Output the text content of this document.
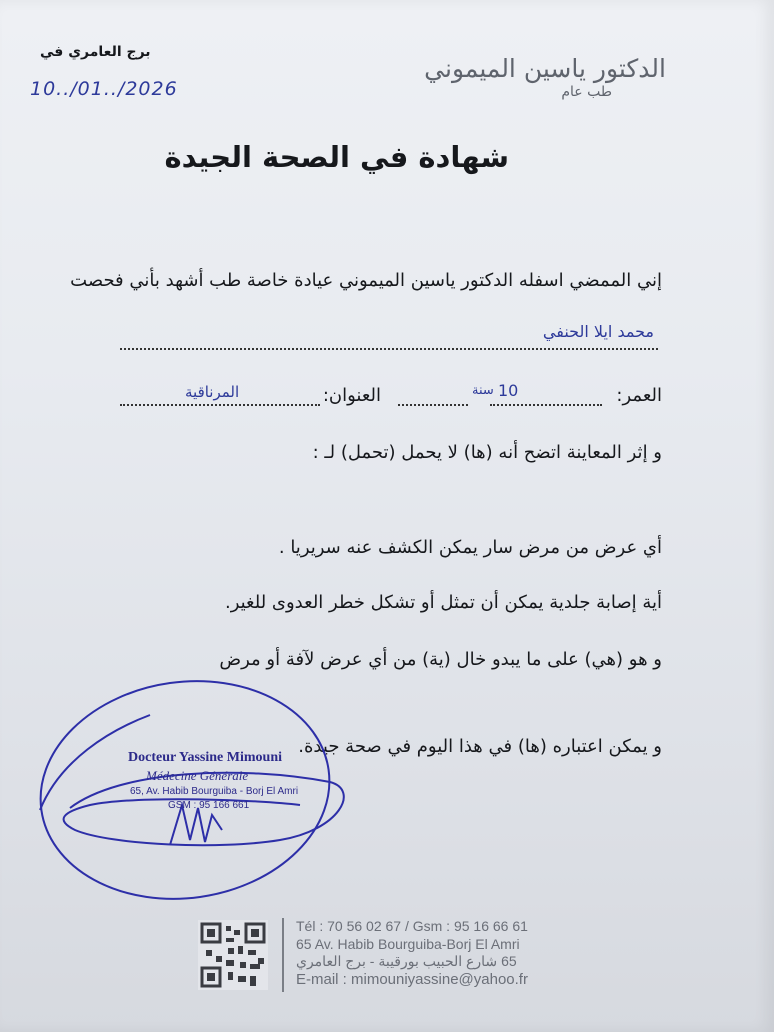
الدكتور ياسين الميموني
طب عام
برج العامري في
10../01../2026
شهادة في الصحة الجيدة
إني الممضي اسفله الدكتور ياسين الميموني عيادة خاصة طب أشهد بأني فحصت
محمد ايلا الحنفي
العمر:
10
سنة
العنوان:
المرناقية
و إثر المعاينة اتضح أنه (ها) لا يحمل (تحمل) لـ :
أي عرض من مرض سار يمكن الكشف عنه سريريا .
أية إصابة جلدية يمكن أن تمثل أو تشكل خطر العدوى للغير.
و هو (هي) على ما يبدو خال (ية) من أي عرض لآفة أو مرض
و يمكن اعتباره (ها) في هذا اليوم في صحة جيدة.
Docteur Yassine Mimouni
Médecine Générale
65, Av. Habib Bourguiba - Borj El Amri
GSM : 95 166 661
Tél : 70 56 02 67 / Gsm : 95 16 66 61
65 Av. Habib Bourguiba-Borj El Amri
65 شارع الحبيب بورقيبة - برج العامري
E-mail : mimouniyassine@yahoo.fr
